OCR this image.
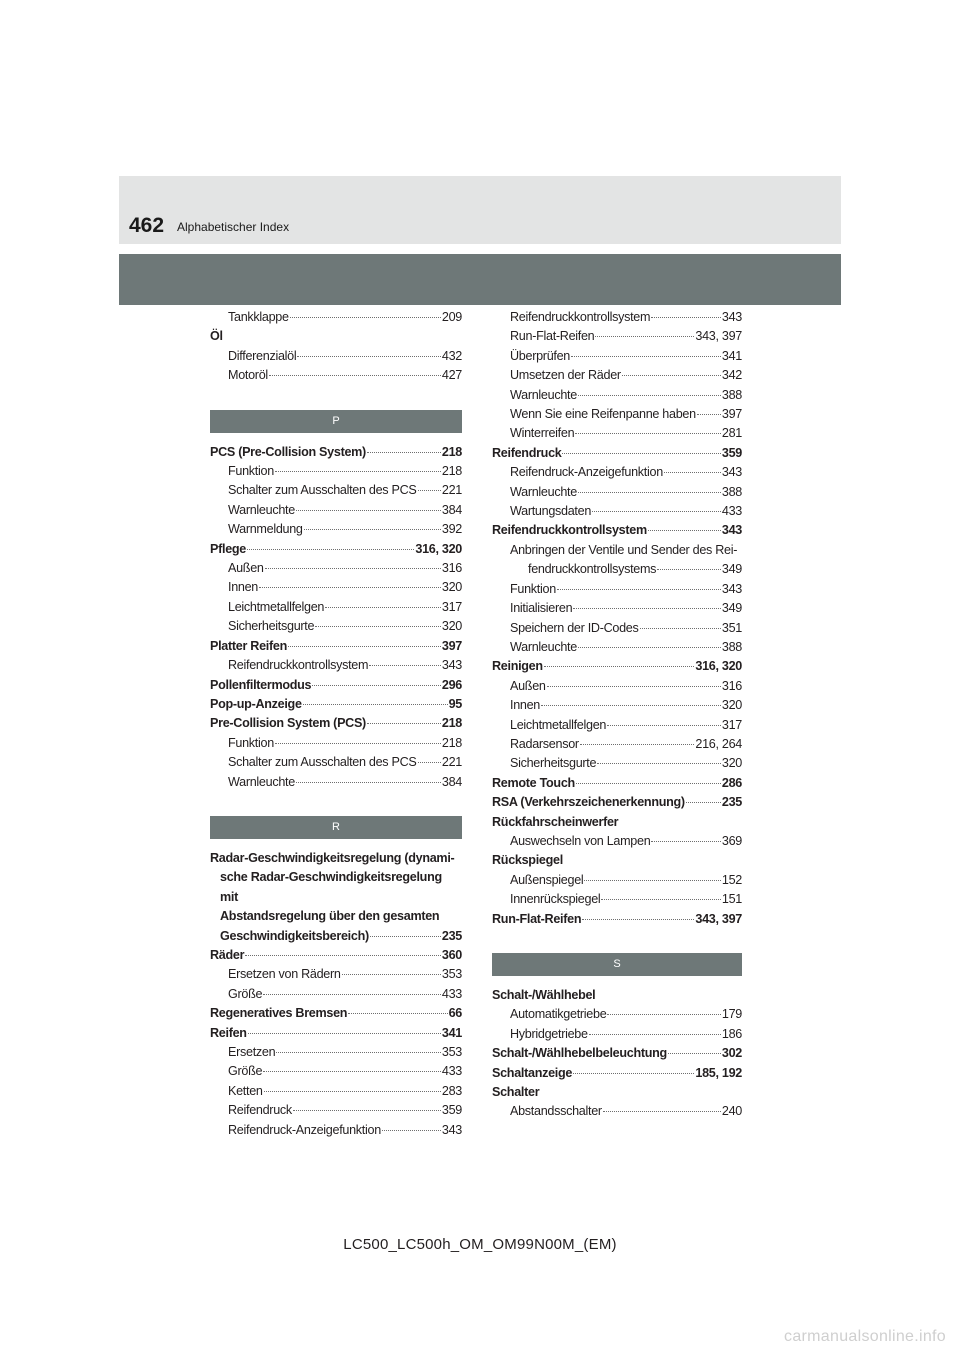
462 Alphabetischer Index
Tankklappe	209
Öl
Differenzialöl	432
Motoröl	427
P
PCS (Pre-Collision System)	218
Funktion	218
Schalter zum Ausschalten des PCS 221
Warnleuchte	384
Warnmeldung	392
Pflege	316, 320
Außen	316
Innen	320
Leichtmetallfelgen	317
Sicherheitsgurte	320
Platter Reifen	397
Reifendruckkontrollsystem	343
Pollenfiltermodus	296
Pop-up-Anzeige	95
Pre-Collision System (PCS)	218
Funktion	218
Schalter zum Ausschalten des PCS 221
Warnleuchte	384
R
Radar-Geschwindigkeitsregelung (dynami-
sche Radar-Geschwindigkeitsregelung mit
Abstandsregelung über den gesamten
Geschwindigkeitsbereich)	235
Räder	360
Ersetzen von Rädern	353
Größe	433
Regeneratives Bremsen	66
Reifen	341
Ersetzen	353
Größe	433
Ketten	283
Reifendruck	359
Reifendruck-Anzeigefunktion	343
Reifendruckkontrollsystem	343
Run-Flat-Reifen	343, 397
Überprüfen	341
Umsetzen der Räder	342
Warnleuchte	388
Wenn Sie eine Reifenpanne haben 397
Winterreifen	281
Reifendruck	359
Reifendruck-Anzeigefunktion	343
Warnleuchte	388
Wartungsdaten	433
Reifendruckkontrollsystem	343
Anbringen der Ventile und Sender des Rei-
fendruckkontrollsystems	349
Funktion	343
Initialisieren	349
Speichern der ID-Codes	351
Warnleuchte	388
Reinigen	316, 320
Außen	316
Innen	320
Leichtmetallfelgen	317
Radarsensor	216, 264
Sicherheitsgurte	320
Remote Touch	286
RSA (Verkehrszeichenerkennung)	235
Rückfahrscheinwerfer
Auswechseln von Lampen	369
Rückspiegel
Außenspiegel	152
Innenrückspiegel	151
Run-Flat-Reifen	343, 397
S
Schalt-/Wählhebel
Automatikgetriebe	179
Hybridgetriebe	186
Schalt-/Wählhebelbeleuchtung	302
Schaltanzeige	185, 192
Schalter
Abstandsschalter	240
LC500_LC500h_OM_OM99N00M_(EM)
carmanualsonline.info
